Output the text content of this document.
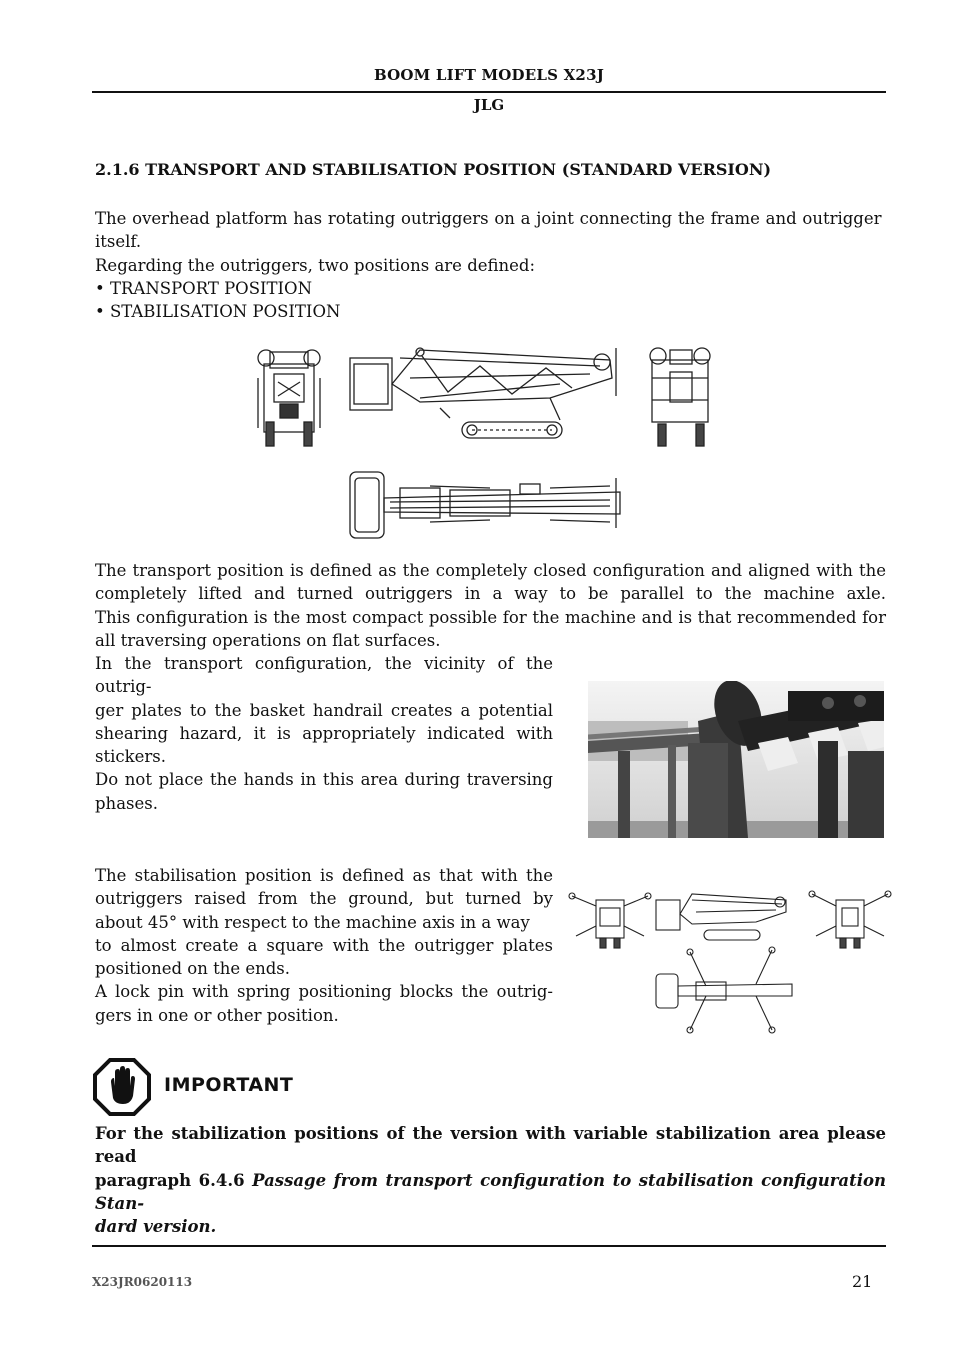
BOOM LIFT MODELS X23J
JLG
2.1.6 TRANSPORT AND STABILISATION POSITION (STANDARD VERSION)
The overhead platform has rotating outriggers on a joint connecting the frame and outrigger
itself.
Regarding the outriggers, two positions are defined:
• TRANSPORT POSITION
• STABILISATION POSITION
The transport position is defined as the completely closed configuration and aligned with the
completely lifted and turned outriggers in a way to be parallel to the machine axle.
This configuration is the most compact possible for the machine and is that recommended for
all traversing operations on flat surfaces.
In the transport configuration, the vicinity of the outrig-
ger plates to the basket handrail creates a potential
shearing hazard, it is appropriately indicated with
stickers.
Do not place the hands in this area during traversing
phases.
The stabilisation position is defined as that with the
outriggers raised from the ground, but turned by
about 45° with respect to the machine axis in a way
to almost create a square with the outrigger plates
positioned on the ends.
A lock pin with spring positioning blocks the outrig-
gers in one or other position.
IMPORTANT
For the stabilization positions of the version with variable stabilization area please read
paragraph 6.4.6 Passage from transport configuration to stabilisation configuration Stan-
dard version.
X23JR0620113	21
